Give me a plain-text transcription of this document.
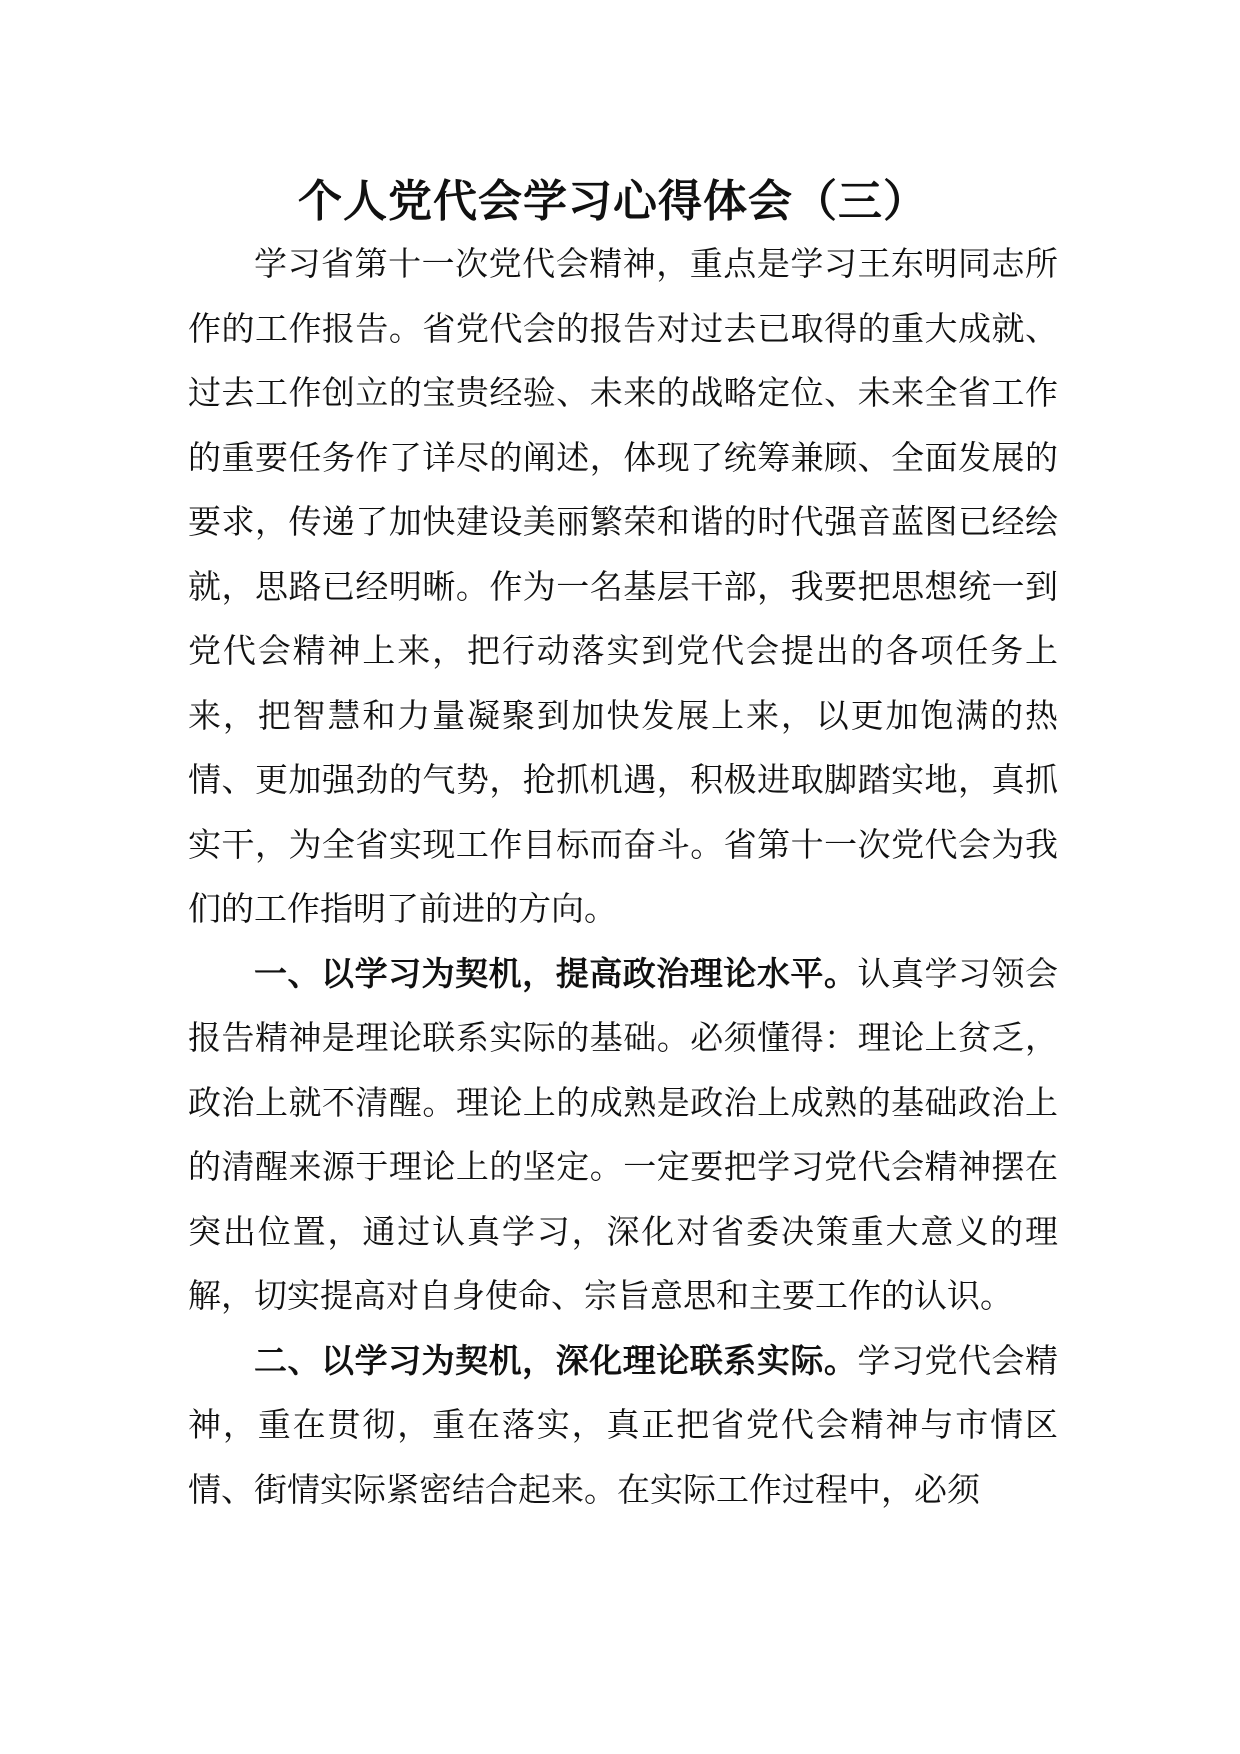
个人党代会学习心得体会（三）

学习省第十一次党代会精神，重点是学习王东明同志所作的工作报告。省党代会的报告对过去已取得的重大成就、过去工作创立的宝贵经验、未来的战略定位、未来全省工作的重要任务作了详尽的阐述，体现了统筹兼顾、全面发展的要求，传递了加快建设美丽繁荣和谐的时代强音蓝图已经绘就，思路已经明晰。作为一名基层干部，我要把思想统一到党代会精神上来，把行动落实到党代会提出的各项任务上来，把智慧和力量凝聚到加快发展上来，以更加饱满的热情、更加强劲的气势，抢抓机遇，积极进取脚踏实地，真抓实干，为全省实现工作目标而奋斗。省第十一次党代会为我们的工作指明了前进的方向。

一、以学习为契机，提高政治理论水平。认真学习领会报告精神是理论联系实际的基础。必须懂得：理论上贫乏，政治上就不清醒。理论上的成熟是政治上成熟的基础政治上的清醒来源于理论上的坚定。一定要把学习党代会精神摆在突出位置，通过认真学习，深化对省委决策重大意义的理解，切实提高对自身使命、宗旨意思和主要工作的认识。

二、以学习为契机，深化理论联系实际。学习党代会精神，重在贯彻，重在落实，真正把省党代会精神与市情区情、街情实际紧密结合起来。在实际工作过程中，必须
